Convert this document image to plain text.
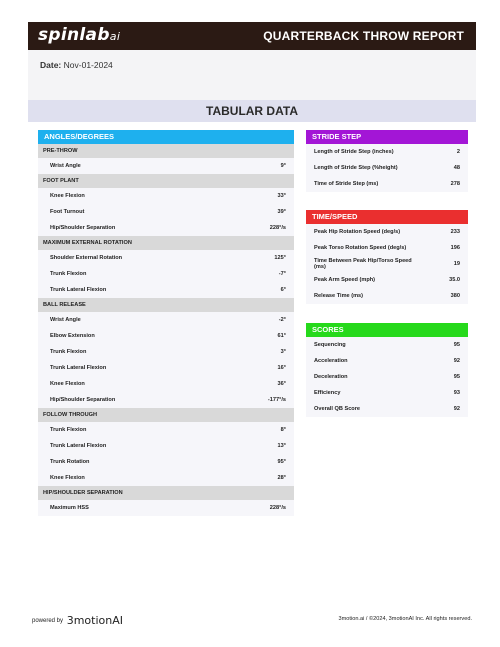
spinlabai	QUARTERBACK THROW REPORT
Date: Nov-01-2024
TABULAR DATA
ANGLES/DEGREES
PRE-THROW
Wrist Angle	9°
FOOT PLANT
Knee Flexion	33°
Foot Turnout	39°
Hip/Shoulder Separation	228°/s
MAXIMUM EXTERNAL ROTATION
Shoulder External Rotation	125°
Trunk Flexion	-7°
Trunk Lateral Flexion	6°
BALL RELEASE
Wrist Angle	-2°
Elbow Extension	61°
Trunk Flexion	3°
Trunk Lateral Flexion	16°
Knee Flexion	36°
Hip/Shoulder Separation	-177°/s
FOLLOW THROUGH
Trunk Flexion	8°
Trunk Lateral Flexion	13°
Trunk Rotation	95°
Knee Flexion	28°
HIP/SHOULDER SEPARATION
Maximum HSS	228°/s
STRIDE STEP
Length of Stride Step (inches)	2
Length of Stride Step (%height)	48
Time of Stride Step (ms)	278
TIME/SPEED
Peak Hip Rotation Speed (deg/s)	233
Peak Torso Rotation Speed (deg/s)	196
Time Between Peak Hip/Torso Speed (ms)	19
Peak Arm Speed (mph)	35.0
Release Time (ms)	380
SCORES
Sequencing	95
Acceleration	92
Deceleration	95
Efficiency	93
Overall QB Score	92
powered by 3motionAI	3motion.ai / ©2024, 3motionAI Inc. All rights reserved.
